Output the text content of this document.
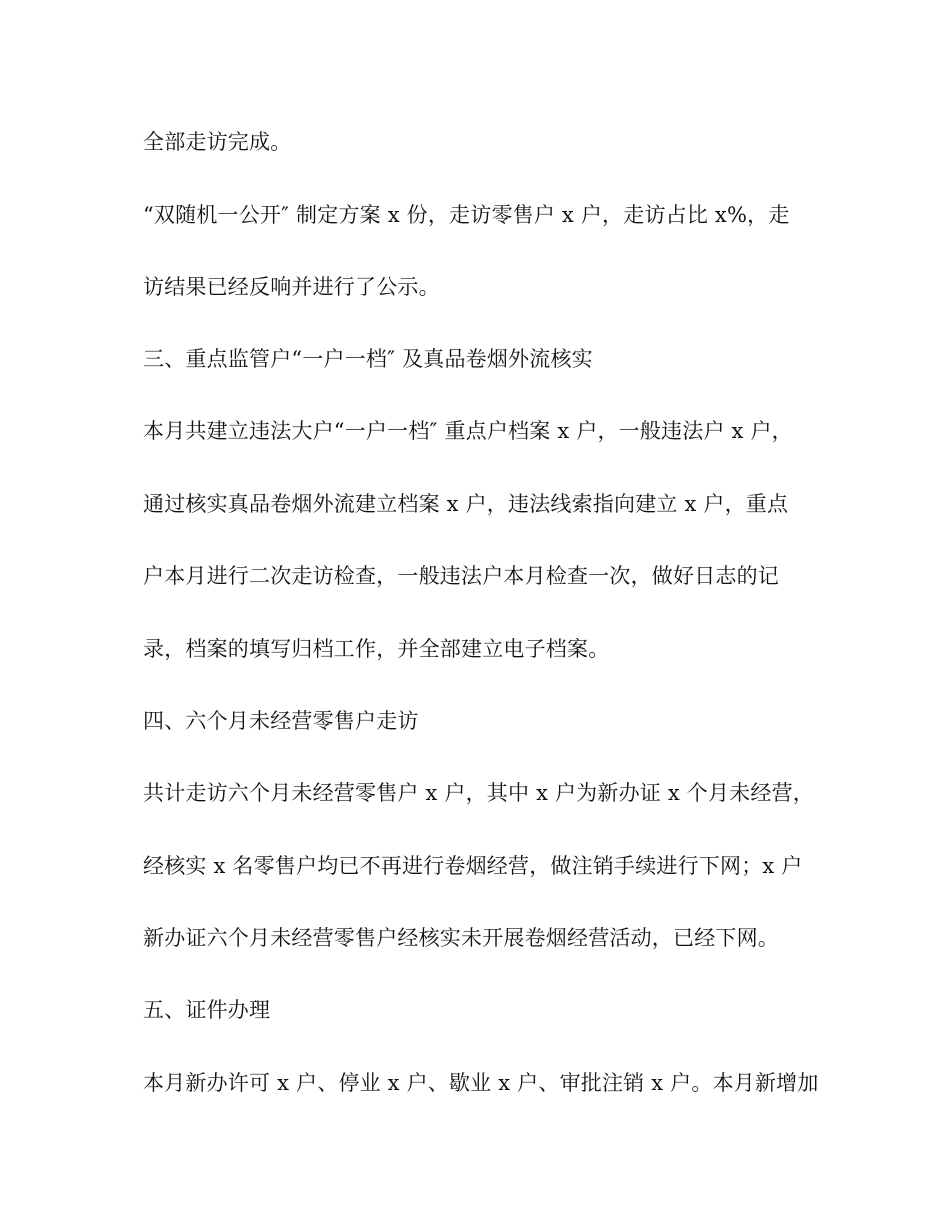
全部走访完成。
“双随机一公开″ 制定方案 x 份，走访零售户 x 户，走访占比 x%，走
访结果已经反响并进行了公示。
三、重点监管户“一户一档″ 及真品卷烟外流核实
本月共建立违法大户“一户一档″ 重点户档案 x 户，一般违法户 x 户，
通过核实真品卷烟外流建立档案 x 户，违法线索指向建立 x 户，重点
户本月进行二次走访检查，一般违法户本月检查一次，做好日志的记
录，档案的填写归档工作，并全部建立电子档案。
四、六个月未经营零售户走访
共计走访六个月未经营零售户 x 户，其中 x 户为新办证 x 个月未经营，
经核实 x 名零售户均已不再进行卷烟经营，做注销手续进行下网；x 户
新办证六个月未经营零售户经核实未开展卷烟经营活动，已经下网。
五、证件办理
本月新办许可 x 户、停业 x 户、歇业 x 户、审批注销 x 户。本月新增加
